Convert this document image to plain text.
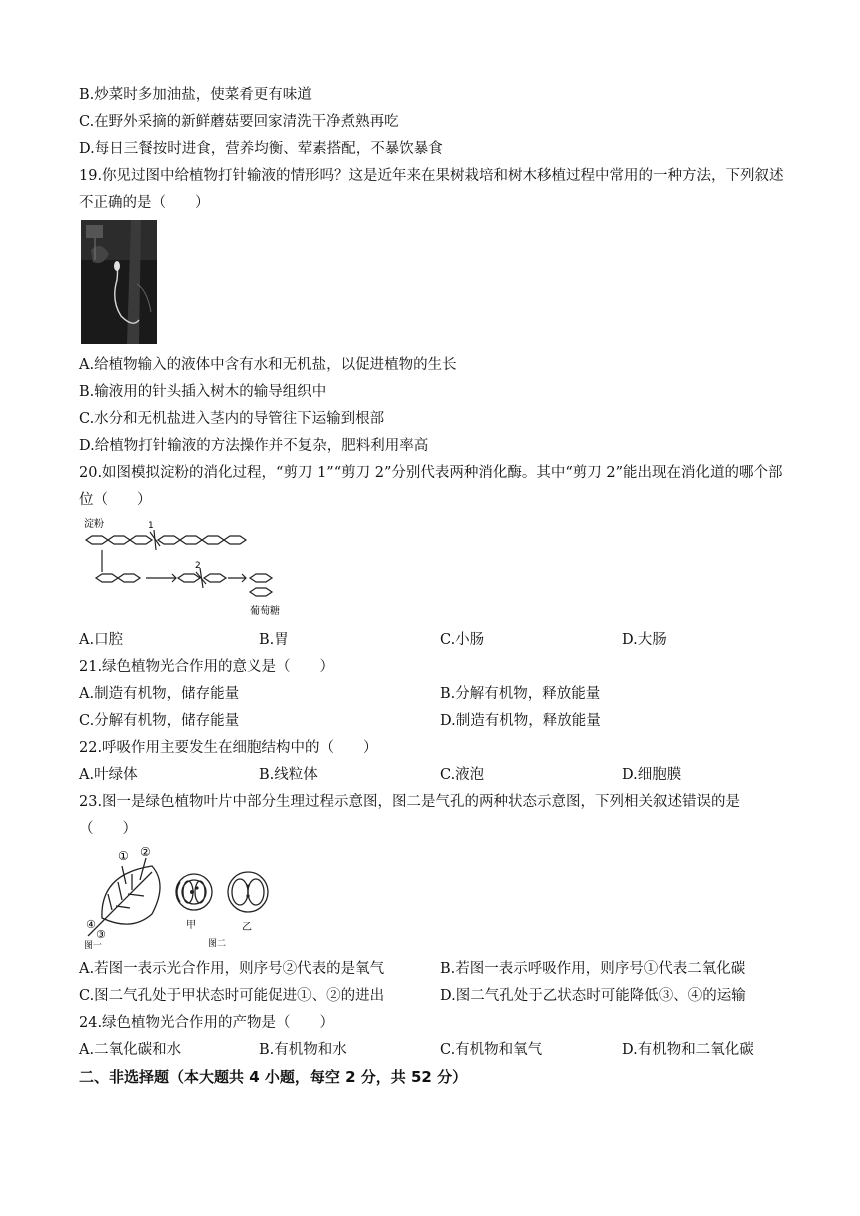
B.炒菜时多加油盐，使菜肴更有味道
C.在野外采摘的新鲜蘑菇要回家清洗干净煮熟再吃
D.每日三餐按时进食，营养均衡、荤素搭配，不暴饮暴食
19.你见过图中给植物打针输液的情形吗？这是近年来在果树栽培和树木移植过程中常用的一种方法，下列叙述不正确的是（　　）
A.给植物输入的液体中含有水和无机盐，以促进植物的生长
B.输液用的针头插入树木的输导组织中
C.水分和无机盐进入茎内的导管往下运输到根部
D.给植物打针输液的方法操作并不复杂，肥料利用率高
20.如图模拟淀粉的消化过程，“剪刀 1”“剪刀 2”分别代表两种消化酶。其中“剪刀 2”能出现在消化道的哪个部位（　　）
淀粉	1
2
葡萄糖
A.口腔	B.胃	C.小肠	D.大肠
21.绿色植物光合作用的意义是（　　）
A.制造有机物，储存能量	B.分解有机物，释放能量
C.分解有机物，储存能量	D.制造有机物，释放能量
22.呼吸作用主要发生在细胞结构中的（　　）
A.叶绿体	B.线粒体	C.液泡	D.细胞膜
23.图一是绿色植物叶片中部分生理过程示意图，图二是气孔的两种状态示意图，下列相关叙述错误的是（　　）
① ②
④
③
图一
甲	乙
图二
A.若图一表示光合作用，则序号②代表的是氧气	B.若图一表示呼吸作用，则序号①代表二氧化碳
C.图二气孔处于甲状态时可能促进①、②的进出	D.图二气孔处于乙状态时可能降低③、④的运输
24.绿色植物光合作用的产物是（　　）
A.二氧化碳和水	B.有机物和水	C.有机物和氧气	D.有机物和二氧化碳
二、非选择题（本大题共 4 小题，每空 2 分，共 52 分）
